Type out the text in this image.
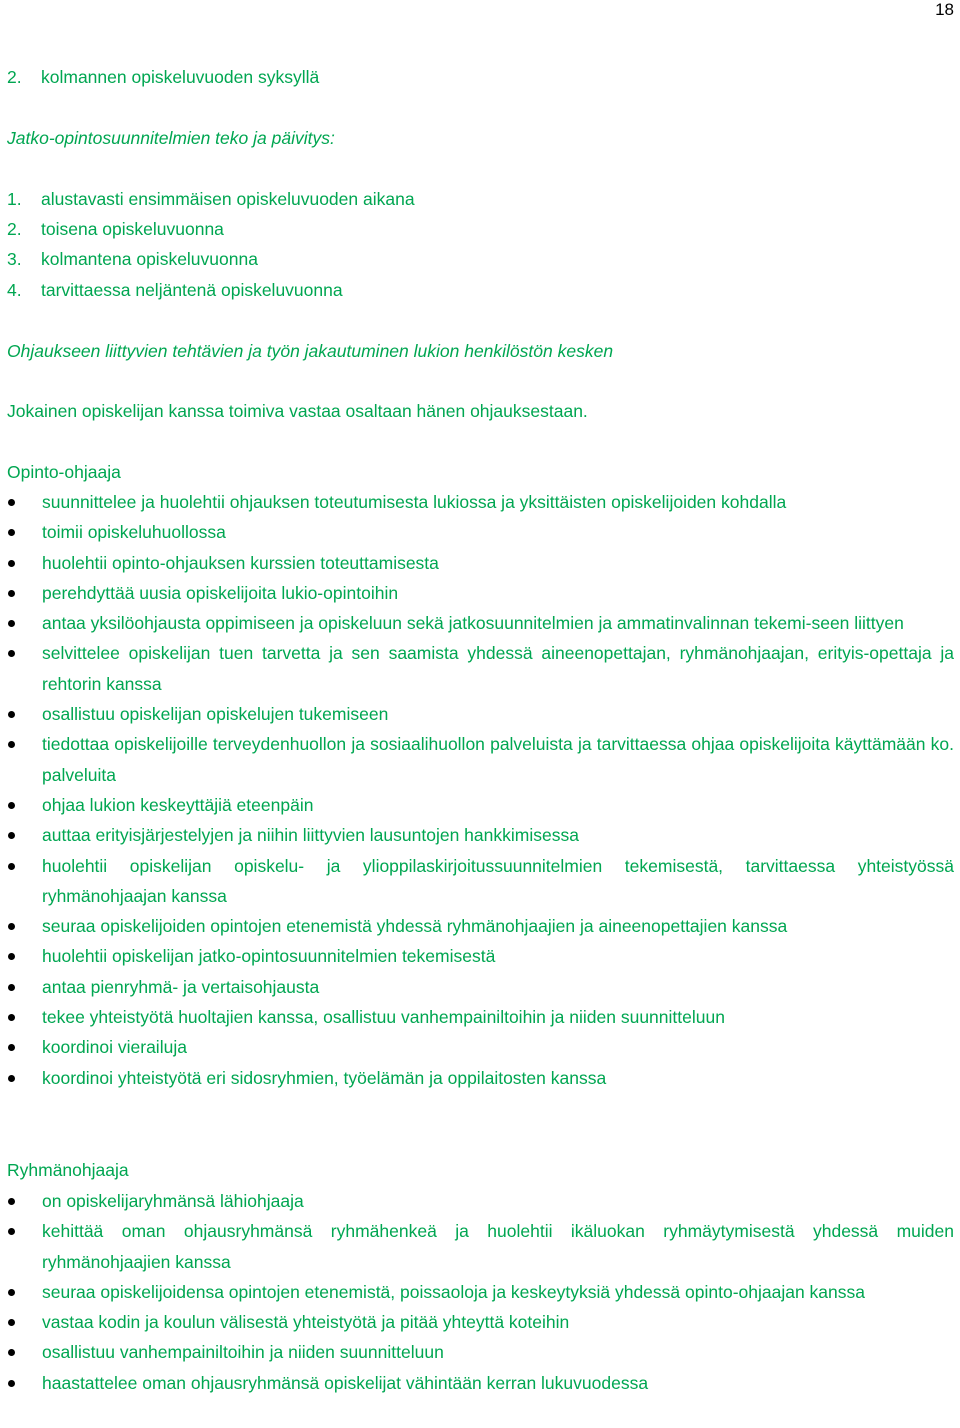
18
2. kolmannen opiskeluvuoden syksyllä
Jatko-opintosuunnitelmien teko ja päivitys:
1. alustavasti ensimmäisen opiskeluvuoden aikana
2. toisena opiskeluvuonna
3. kolmantena opiskeluvuonna
4. tarvittaessa neljäntenä opiskeluvuonna
Ohjaukseen liittyvien tehtävien ja työn jakautuminen lukion henkilöstön kesken
Jokainen opiskelijan kanssa toimiva vastaa osaltaan hänen ohjauksestaan.
Opinto-ohjaaja
suunnittelee ja huolehtii ohjauksen toteutumisesta lukiossa ja yksittäisten opiskelijoiden kohdalla
toimii opiskeluhuollossa
huolehtii opinto-ohjauksen kurssien toteuttamisesta
perehdyttää uusia opiskelijoita lukio-opintoihin
antaa yksilöohjausta oppimiseen ja opiskeluun sekä jatkosuunnitelmien ja ammatinvalinnan tekemi-seen liittyen
selvittelee opiskelijan tuen tarvetta ja sen saamista yhdessä aineenopettajan, ryhmänohjaajan, erityis-opettaja ja rehtorin kanssa
osallistuu opiskelijan opiskelujen tukemiseen
tiedottaa opiskelijoille terveydenhuollon ja sosiaalihuollon palveluista ja tarvittaessa ohjaa opiskelijoita käyttämään ko. palveluita
ohjaa lukion keskeyttäjiä eteenpäin
auttaa erityisjärjestelyjen ja niihin liittyvien lausuntojen hankkimisessa
huolehtii opiskelijan opiskelu- ja ylioppilaskirjoitussuunnitelmien tekemisestä, tarvittaessa yhteistyössä ryhmänohjaajan kanssa
seuraa opiskelijoiden opintojen etenemistä yhdessä ryhmänohjaajien ja aineenopettajien kanssa
huolehtii opiskelijan jatko-opintosuunnitelmien tekemisestä
antaa pienryhmä- ja vertaisohjausta
tekee yhteistyötä huoltajien kanssa, osallistuu vanhempainiltoihin ja niiden suunnitteluun
koordinoi vierailuja
koordinoi yhteistyötä eri sidosryhmien, työelämän ja oppilaitosten kanssa
Ryhmänohjaaja
on opiskelijaryhmänsä lähiohjaaja
kehittää oman ohjausryhmänsä ryhmähenkeä ja huolehtii ikäluokan ryhmäytymisestä yhdessä muiden ryhmänohjaajien kanssa
seuraa opiskelijoidensa opintojen etenemistä, poissaoloja ja keskeytyksiä yhdessä opinto-ohjaajan kanssa
vastaa kodin ja koulun välisestä yhteistyötä ja pitää yhteyttä koteihin
osallistuu vanhempainiltoihin ja niiden suunnitteluun
haastattelee oman ohjausryhmänsä opiskelijat vähintään kerran lukuvuodessa
